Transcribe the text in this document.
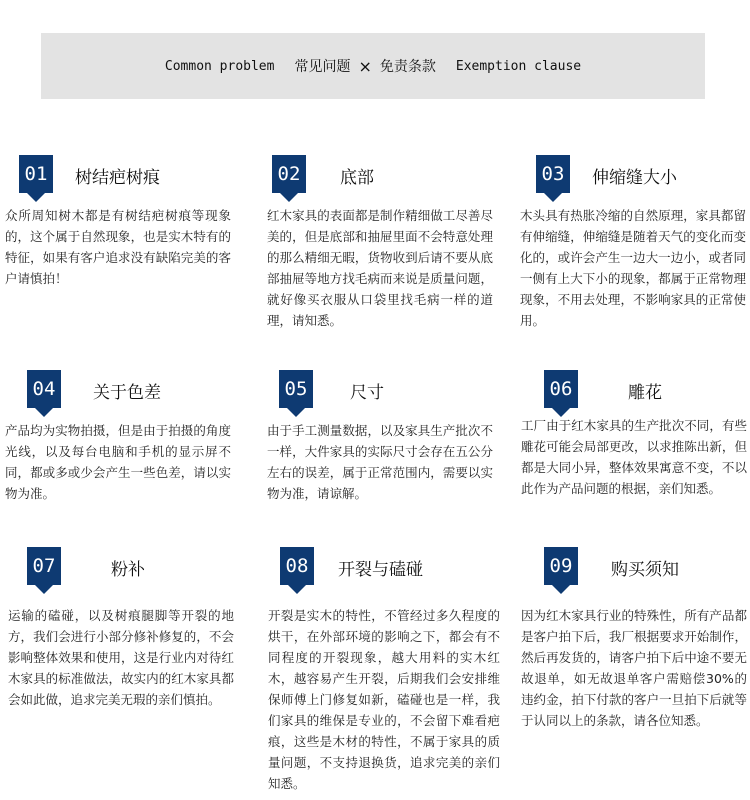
Common problem 常见问题 × 免责条款 Exemption clause
01	树结疤树痕
众所周知树木都是有树结疤树痕等现象的，这个属于自然现象，也是实木特有的特征，如果有客户追求没有缺陷完美的客户请慎拍！
02	底部
红木家具的表面都是制作精细做工尽善尽美的，但是底部和抽屉里面不会特意处理的那么精细无暇，货物收到后请不要从底部抽屉等地方找毛病而来说是质量问题，就好像买衣服从口袋里找毛病一样的道理，请知悉。
03	伸缩缝大小
木头具有热胀冷缩的自然原理，家具都留有伸缩缝，伸缩缝是随着天气的变化而变化的，或许会产生一边大一边小，或者同一侧有上大下小的现象，都属于正常物理现象，不用去处理，不影响家具的正常使用。
04	关于色差
产品均为实物拍摄，但是由于拍摄的角度光线，以及每台电脑和手机的显示屏不同，都或多或少会产生一些色差，请以实物为准。
05	尺寸
由于手工测量数据，以及家具生产批次不一样，大件家具的实际尺寸会存在五公分左右的误差，属于正常范围内，需要以实物为准，请谅解。
06	雕花
工厂由于红木家具的生产批次不同，有些雕花可能会局部更改，以求推陈出新，但都是大同小异，整体效果寓意不变，不以此作为产品问题的根据，亲们知悉。
07	粉补
运输的磕碰，以及树痕腿脚等开裂的地方，我们会进行小部分修补修复的，不会影响整体效果和使用，这是行业内对待红木家具的标准做法，故实内的红木家具都会如此做，追求完美无瑕的亲们慎拍。
08	开裂与磕碰
开裂是实木的特性，不管经过多久程度的烘干，在外部环境的影响之下，都会有不同程度的开裂现象，越大用料的实木红木，越容易产生开裂，后期我们会安排维保师傅上门修复如新，磕碰也是一样，我们家具的维保是专业的，不会留下难看疤痕，这些是木材的特性，不属于家具的质量问题，不支持退换货，追求完美的亲们知悉。
09	购买须知
因为红木家具行业的特殊性，所有产品都是客户拍下后，我厂根据要求开始制作，然后再发货的，请客户拍下后中途不要无故退单，如无故退单客户需赔偿30%的违约金，拍下付款的客户一旦拍下后就等于认同以上的条款，请各位知悉。
